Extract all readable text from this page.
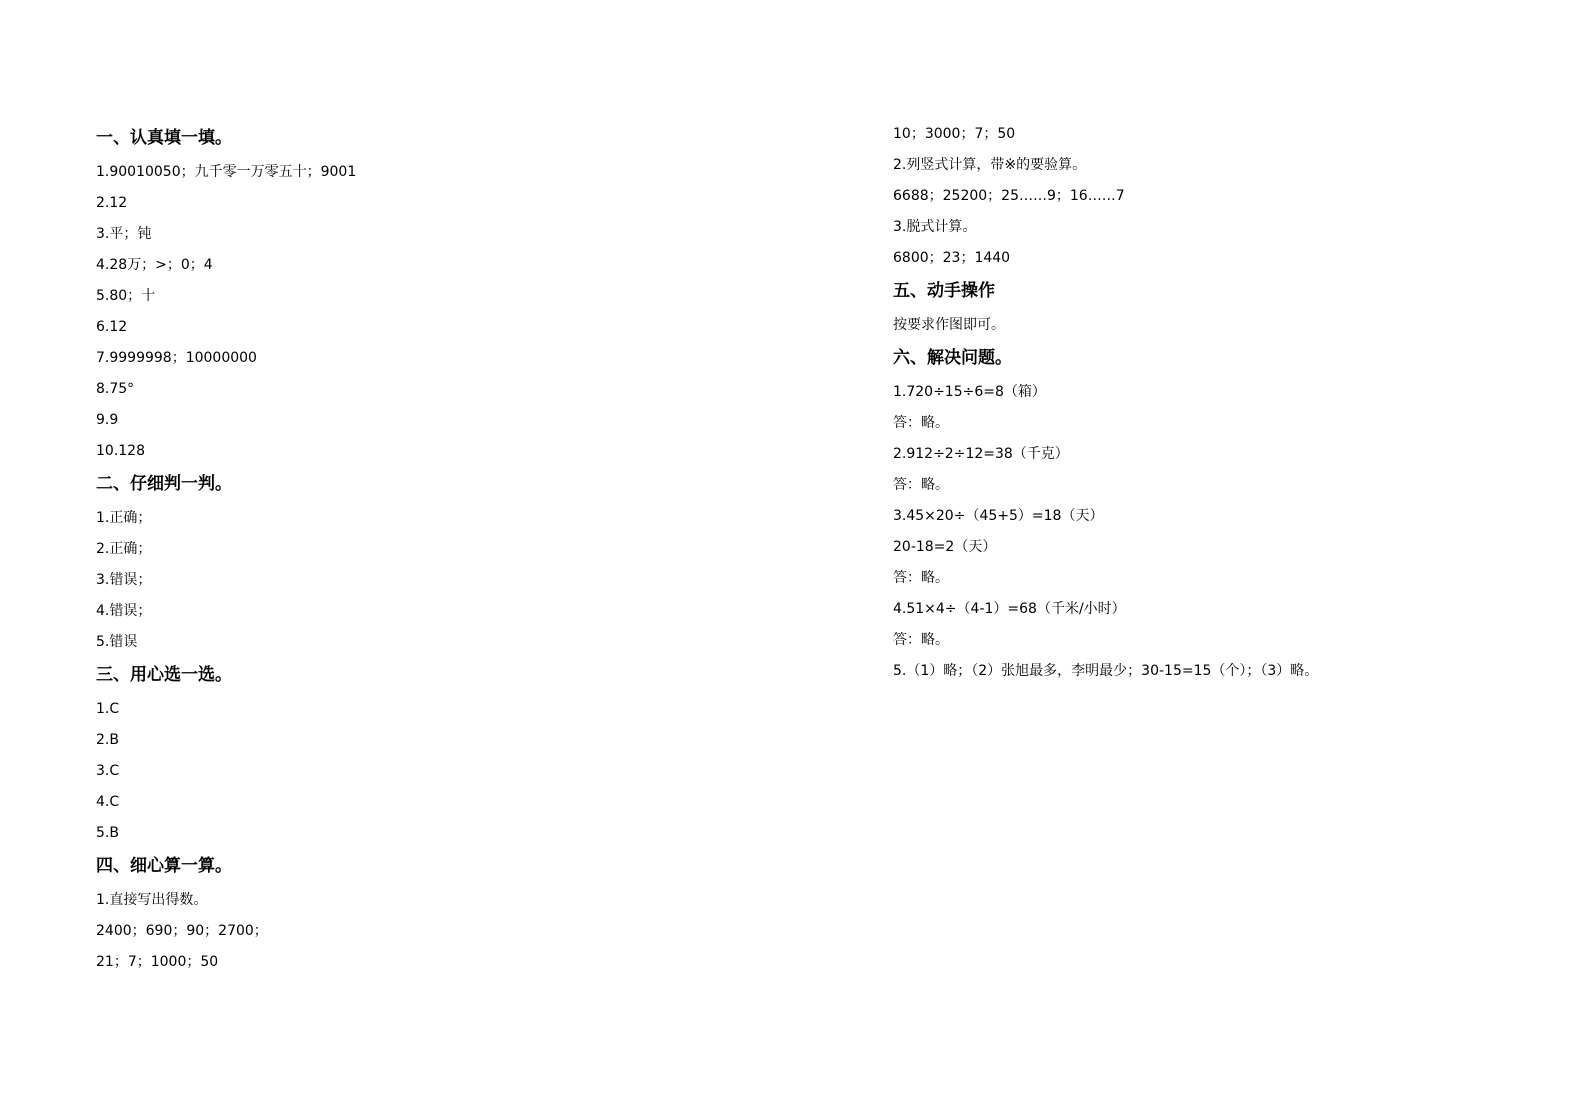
一、认真填一填。
1.90010050；九千零一万零五十；9001
2.12
3.平；钝
4.28万；>；0；4
5.80；十
6.12
7.9999998；10000000
8.75°
9.9
10.128
二、仔细判一判。
1.正确；
2.正确；
3.错误；
4.错误；
5.错误
三、用心选一选。
1.C
2.B
3.C
4.C
5.B
四、细心算一算。
1.直接写出得数。
2400；690；90；2700；
21；7；1000；50
10；3000；7；50
2.列竖式计算，带※的要验算。
6688；25200；25……9；16……7
3.脱式计算。
6800；23；1440
五、动手操作
按要求作图即可。
六、解决问题。
1.720÷15÷6=8（箱）
答：略。
2.912÷2÷12=38（千克）
答：略。
3.45×20÷（45+5）=18（天）
20-18=2（天）
答：略。
4.51×4÷（4-1）=68（千米/小时）
答：略。
5.（1）略；（2）张旭最多，李明最少；30-15=15（个）；（3）略。
